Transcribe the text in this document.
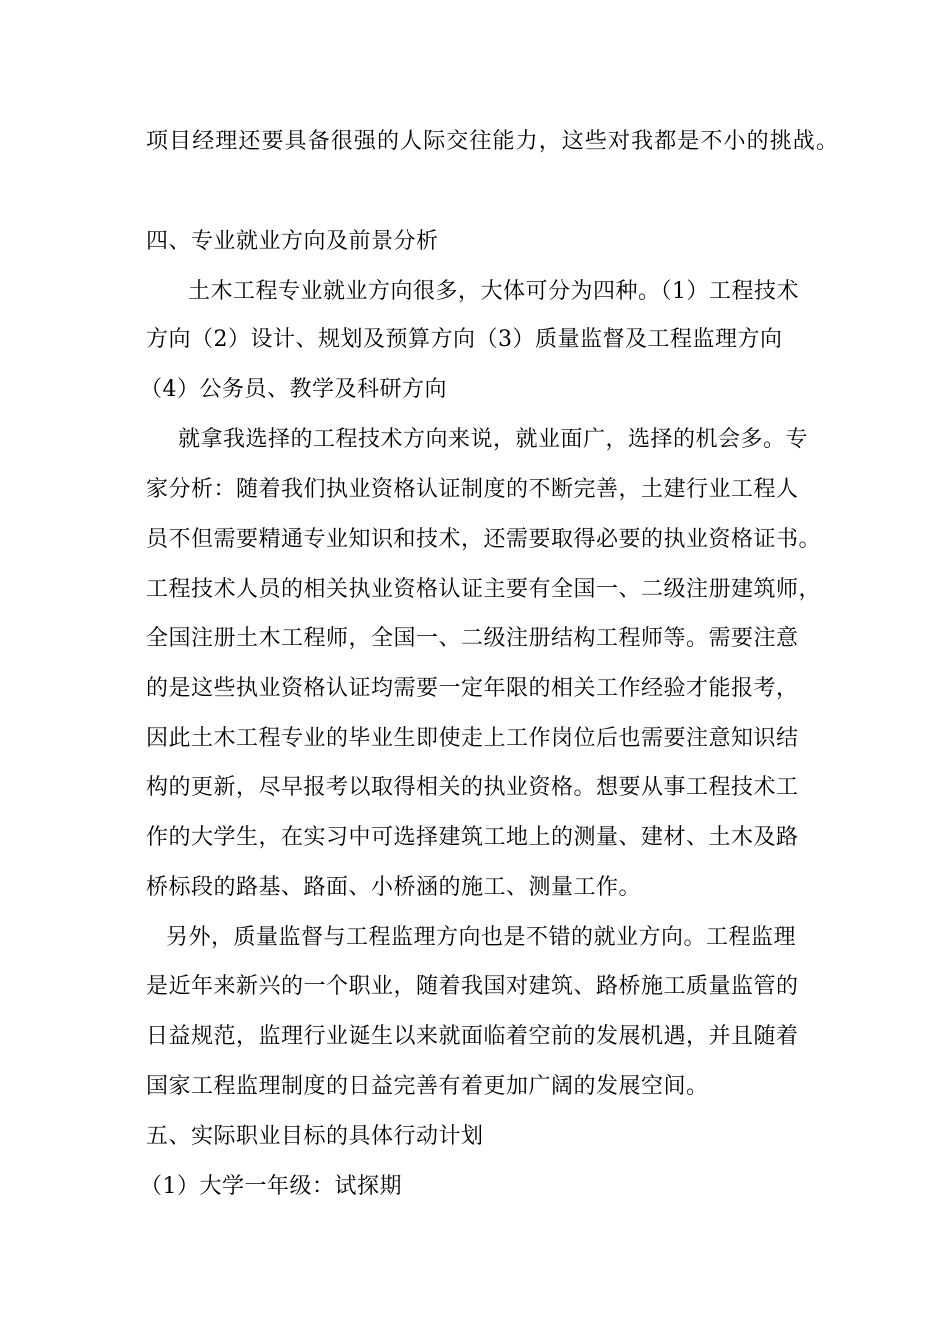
项目经理还要具备很强的人际交往能力，这些对我都是不小的挑战。
四、专业就业方向及前景分析
土木工程专业就业方向很多，大体可分为四种。（1）工程技术
方向（2）设计、规划及预算方向（3）质量监督及工程监理方向
（4）公务员、教学及科研方向
就拿我选择的工程技术方向来说，就业面广，选择的机会多。专
家分析：随着我们执业资格认证制度的不断完善，土建行业工程人
员不但需要精通专业知识和技术，还需要取得必要的执业资格证书。
工程技术人员的相关执业资格认证主要有全国一、二级注册建筑师，
全国注册土木工程师，全国一、二级注册结构工程师等。需要注意
的是这些执业资格认证均需要一定年限的相关工作经验才能报考，
因此土木工程专业的毕业生即使走上工作岗位后也需要注意知识结
构的更新，尽早报考以取得相关的执业资格。想要从事工程技术工
作的大学生，在实习中可选择建筑工地上的测量、建材、土木及路
桥标段的路基、路面、小桥涵的施工、测量工作。
另外，质量监督与工程监理方向也是不错的就业方向。工程监理
是近年来新兴的一个职业，随着我国对建筑、路桥施工质量监管的
日益规范，监理行业诞生以来就面临着空前的发展机遇，并且随着
国家工程监理制度的日益完善有着更加广阔的发展空间。
五、实际职业目标的具体行动计划
（1）大学一年级：试探期
